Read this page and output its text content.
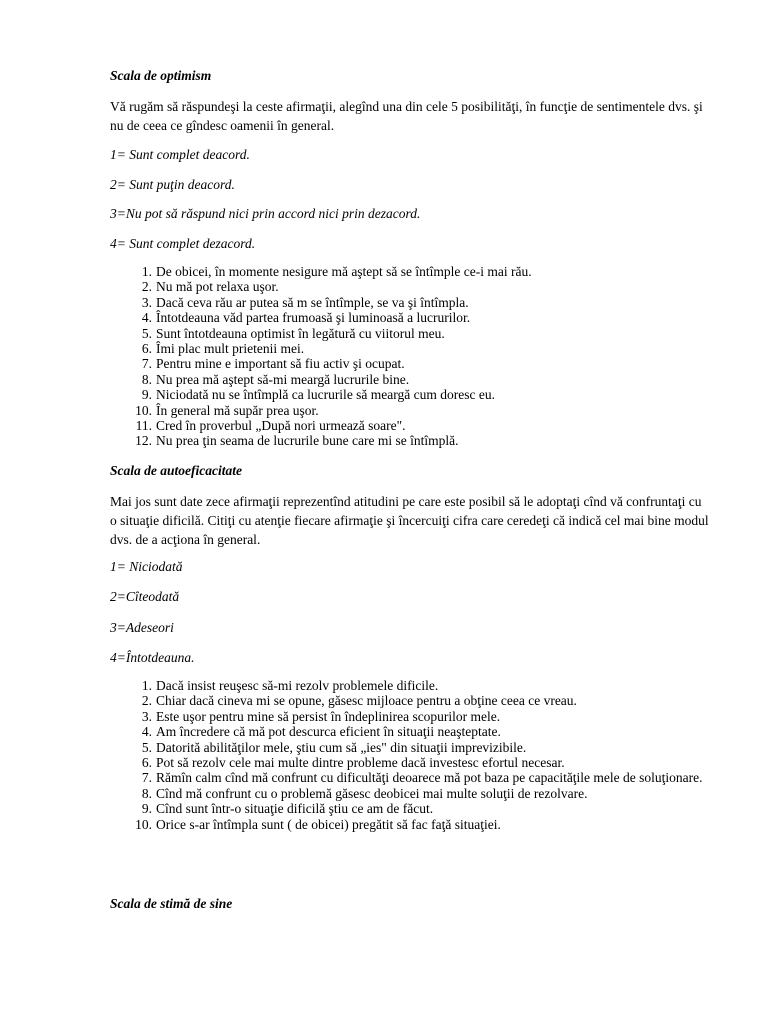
Scala de optimism
Vă rugăm să răspundeşi la ceste afirmaţii, alegînd una din cele 5 posibilităţi, în funcţie de sentimentele dvs. şi nu de ceea ce gîndesc oamenii în general.
1= Sunt complet deacord.
2= Sunt puţin deacord.
3=Nu pot să răspund nici prin accord nici prin dezacord.
4= Sunt complet dezacord.
1. De obicei, în momente nesigure mă aştept să se întîmple ce-i mai rău.
2. Nu mă pot relaxa uşor.
3. Dacă ceva rău ar putea să m se întîmple, se va şi întîmpla.
4. Întotdeauna văd partea frumoasă şi luminoasă a lucrurilor.
5. Sunt întotdeauna optimist în legătură cu viitorul meu.
6. Îmi plac mult prietenii mei.
7. Pentru mine e important să fiu activ şi ocupat.
8. Nu prea mă aştept să-mi meargă lucrurile bine.
9. Niciodată nu se întîmplă ca lucrurile să meargă cum doresc eu.
10. În general mă supăr prea uşor.
11. Cred în proverbul „După nori urmează soare".
12. Nu prea ţin seama de lucrurile bune care mi se întîmplă.
Scala de autoeficacitate
Mai jos sunt date zece afirmaţii reprezentînd atitudini pe care este posibil să le adoptaţi cînd vă confruntaţi cu o situaţie dificilă. Citiţi cu atenţie fiecare afirmaţie şi încercuiţi cifra care ceredeţi că indică cel mai bine modul dvs. de a acţiona în general.
1= Niciodată
2=Cîteodată
3=Adeseori
4=Întotdeauna.
1. Dacă insist reuşesc să-mi rezolv problemele dificile.
2. Chiar dacă cineva mi se opune, găsesc mijloace pentru a obţine ceea ce vreau.
3. Este uşor pentru mine să persist în îndeplinirea scopurilor mele.
4. Am încredere că mă pot descurca eficient în situaţii neaşteptate.
5. Datorită abilităţilor mele, ştiu cum să „ies" din situaţii imprevizibile.
6. Pot să rezolv cele mai multe dintre probleme dacă investesc efortul necesar.
7. Rămîn calm cînd mă confrunt cu dificultăţi deoarece mă pot baza pe capacităţile mele de soluţionare.
8. Cînd mă confrunt cu o problemă găsesc deobicei mai multe soluţii de rezolvare.
9. Cînd sunt într-o situaţie dificilă ştiu ce am de făcut.
10. Orice s-ar întîmpla sunt ( de obicei) pregătit să fac faţă situaţiei.
Scala de stimă de sine
